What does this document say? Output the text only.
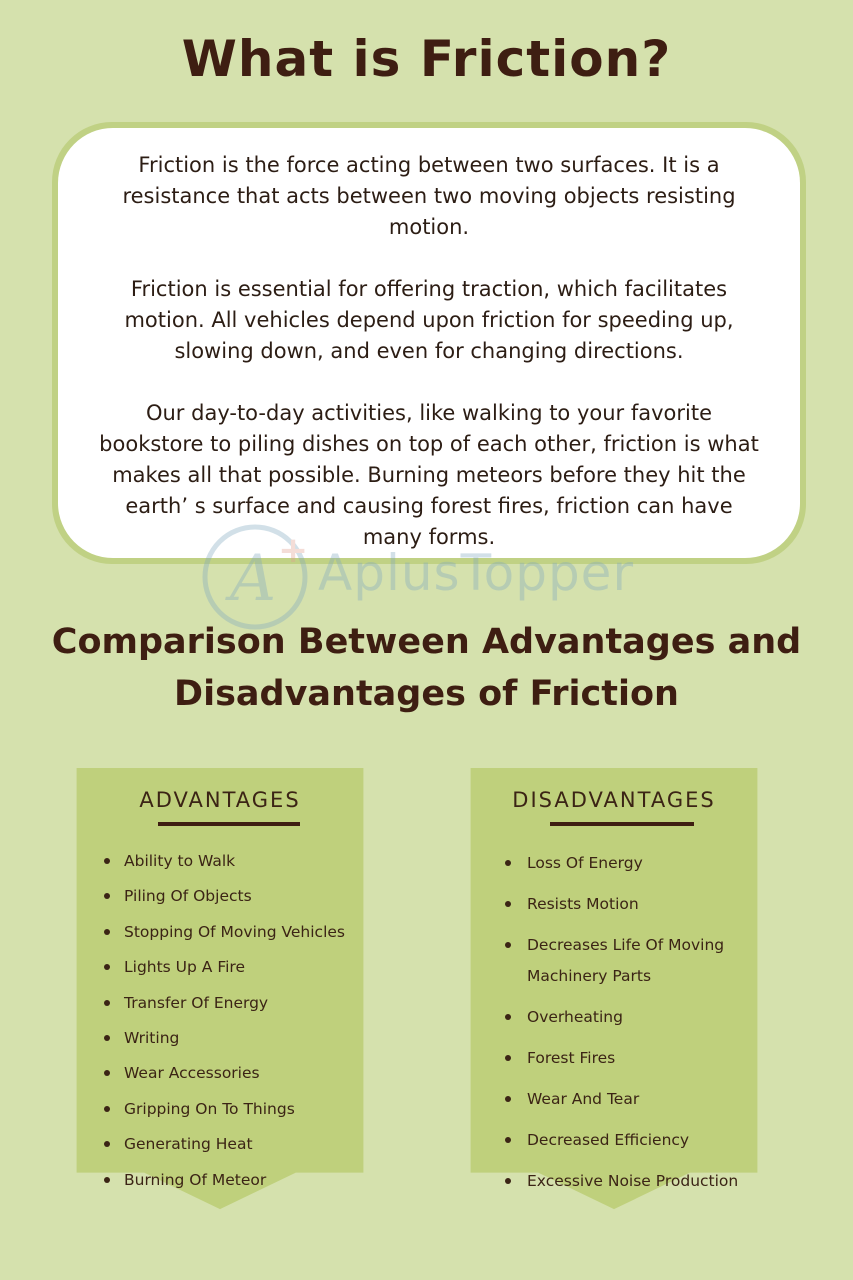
What is Friction?

Friction is the force acting between two surfaces. It is a resistance that acts between two moving objects resisting motion.

Friction is essential for offering traction, which facilitates motion. All vehicles depend upon friction for speeding up, slowing down, and even for changing directions.

Our day-to-day activities, like walking to your favorite bookstore to piling dishes on top of each other, friction is what makes all that possible. Burning meteors before they hit the earth’ s surface and causing forest fires, friction can have many forms.

A + AplusTopper
Comparison Between Advantages and Disadvantages of Friction
ADVANTAGES
Ability to Walk
Piling Of Objects
Stopping Of Moving Vehicles
Lights Up A Fire
Transfer Of Energy
Writing
Wear Accessories
Gripping On To Things
Generating Heat
Burning Of Meteor
DISADVANTAGES
Loss Of Energy
Resists Motion
Decreases Life Of Moving Machinery Parts
Overheating
Forest Fires
Wear And Tear
Decreased Efficiency
Excessive Noise Production
